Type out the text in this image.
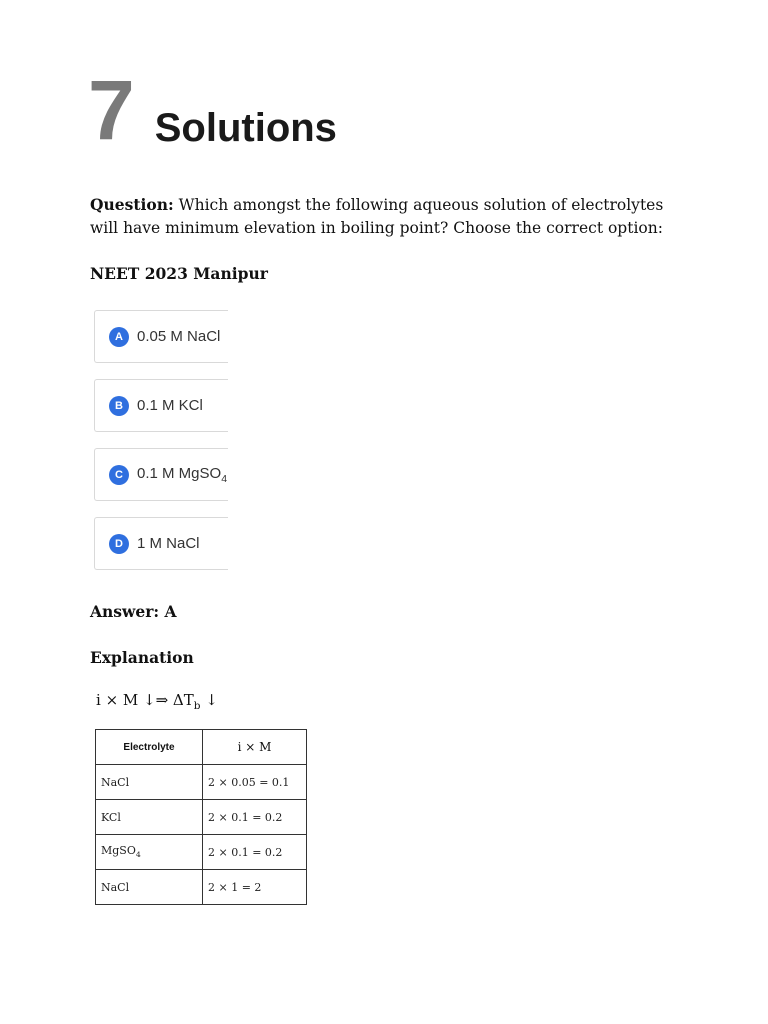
7 Solutions
Question: Which amongst the following aqueous solution of electrolytes will have minimum elevation in boiling point? Choose the correct option:
NEET 2023 Manipur
A 0.05 M NaCl
B 0.1 M KCl
C 0.1 M MgSO$_4$
D 1 M NaCl
Answer: A
Explanation
i × M ↓⇒ $\Delta T_b$ ↓
Electrolyte	i × M
NaCl	2 × 0.05 = 0.1
KCl	2 × 0.1 = 0.2
MgSO$_4$	2 × 0.1 = 0.2
NaCl	2 × 1 = 2
